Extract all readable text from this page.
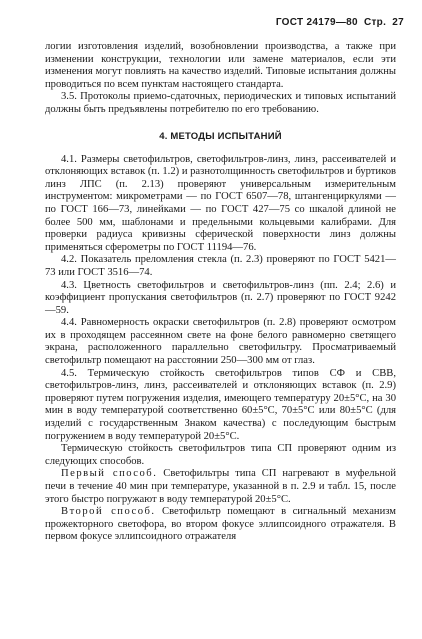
ГОСТ 24179—80 Стр. 27

логии изготовления изделий, возобновлении производства, а также при изменении конструкции, технологии или замене материалов, если эти изменения могут повлиять на качество изделий. Типовые испытания должны проводиться по всем пунктам настоящего стандарта.

3.5. Протоколы приемо-сдаточных, периодических и типовых испытаний должны быть предъявлены потребителю по его требованию.

4. МЕТОДЫ ИСПЫТАНИЙ

4.1. Размеры светофильтров, светофильтров-линз, линз, рассеивателей и отклоняющих вставок (п. 1.2) и разнотолщинность светофильтров и буртиков линз ЛПС (п. 2.13) проверяют универсальным измерительным инструментом: микрометрами — по ГОСТ 6507—78, штангенциркулями — по ГОСТ 166—73, линейками — по ГОСТ 427—75 со шкалой длиной не более 500 мм, шаблонами и предельными кольцевыми калибрами. Для проверки радиуса кривизны сферической поверхности линз должны применяться сферометры по ГОСТ 11194—76.

4.2. Показатель преломления стекла (п. 2.3) проверяют по ГОСТ 5421—73 или ГОСТ 3516—74.

4.3. Цветность светофильтров и светофильтров-линз (пп. 2.4; 2.6) и коэффициент пропускания светофильтров (п. 2.7) проверяют по ГОСТ 9242—59.

4.4. Равномерность окраски светофильтров (п. 2.8) проверяют осмотром их в проходящем рассеянном свете на фоне белого равномерно светящего экрана, расположенного параллельно светофильтру. Просматриваемый светофильтр помещают на расстоянии 250—300 мм от глаз.

4.5. Термическую стойкость светофильтров типов СФ и СВВ, светофильтров-линз, линз, рассеивателей и отклоняющих вставок (п. 2.9) проверяют путем погружения изделия, имеющего температуру 20±5°С, на 30 мин в воду температурой соответственно 60±5°С, 70±5°С или 80±5°С (для изделий с государственным Знаком качества) с последующим быстрым погружением в воду температурой 20±5°С.

Термическую стойкость светофильтров типа СП проверяют одним из следующих способов.

Первый способ. Светофильтры типа СП нагревают в муфельной печи в течение 40 мин при температуре, указанной в п. 2.9 и табл. 15, после этого быстро погружают в воду температурой 20±5°С.

Второй способ. Светофильтр помещают в сигнальный механизм прожекторного светофора, во втором фокусе эллипсоидного отражателя. В первом фокусе эллипсоидного отражателя
